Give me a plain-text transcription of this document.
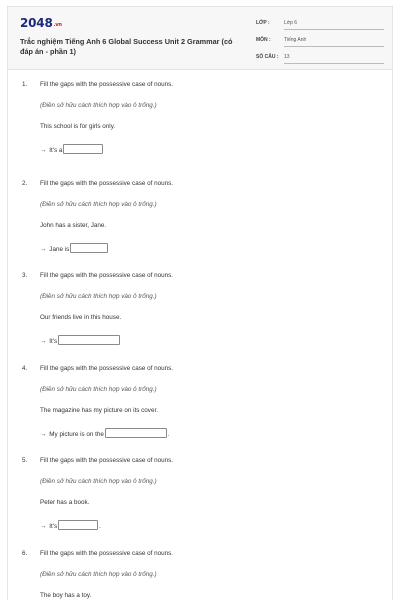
2048.vn
Trắc nghiệm Tiếng Anh 6 Global Success Unit 2 Grammar (có đáp án - phần 1)
LỚP :	Lớp 6
MÔN :	Tiếng Anh
SỐ CÂU : 13
1. Fill the gaps with the possessive case of nouns.
(Điền sở hữu cách thích hợp vào ô trống.)
This school is for girls only.
→ It's a
2. Fill the gaps with the possessive case of nouns.
(Điền sở hữu cách thích hợp vào ô trống.)
John has a sister, Jane.
→ Jane is
3. Fill the gaps with the possessive case of nouns.
(Điền sở hữu cách thích hợp vào ô trống.)
Our friends live in this house.
→ It's
4. Fill the gaps with the possessive case of nouns.
(Điền sở hữu cách thích hợp vào ô trống.)
The magazine has my picture on its cover.
→ My picture is on the	.
5. Fill the gaps with the possessive case of nouns.
(Điền sở hữu cách thích hợp vào ô trống.)
Peter has a book.
→ It's	.
6. Fill the gaps with the possessive case of nouns.
(Điền sở hữu cách thích hợp vào ô trống.)
The boy has a toy.
